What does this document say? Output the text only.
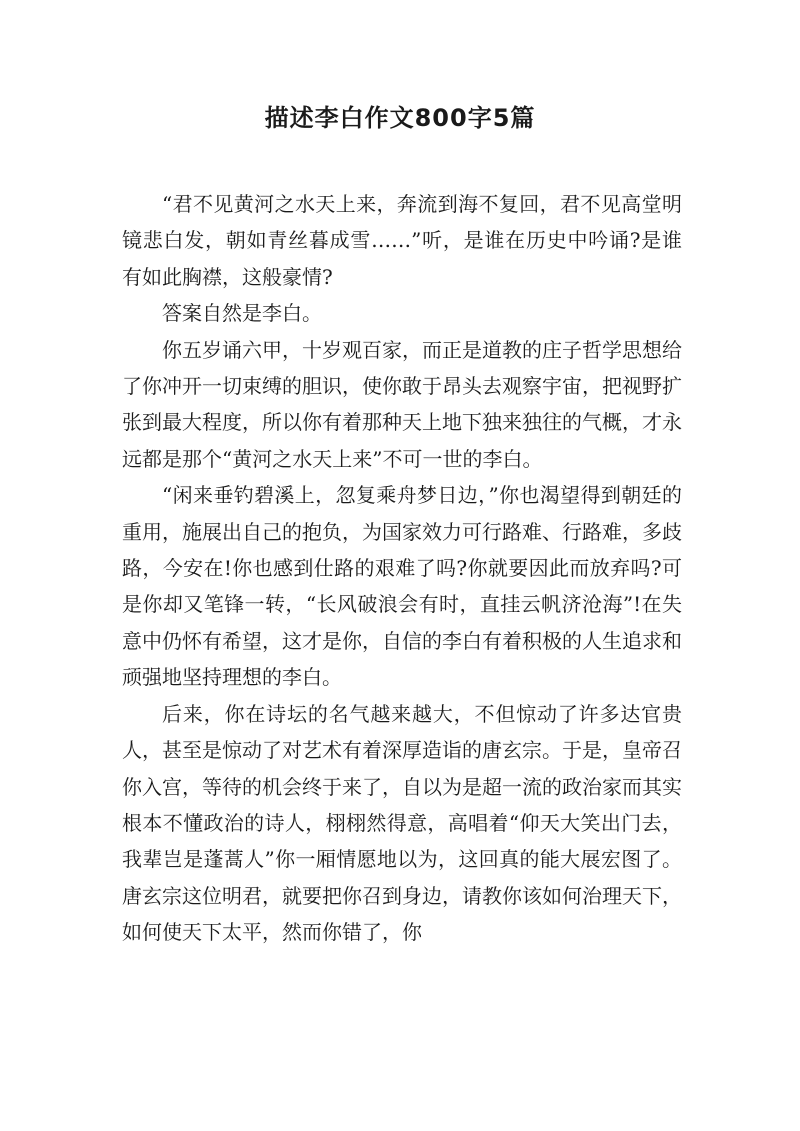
描述李白作文800字5篇

“君不见黄河之水天上来，奔流到海不复回，君不见高堂明镜悲白发，朝如青丝暮成雪……”听，是谁在历史中吟诵?是谁有如此胸襟，这般豪情?

答案自然是李白。

你五岁诵六甲，十岁观百家，而正是道教的庄子哲学思想给了你冲开一切束缚的胆识，使你敢于昂头去观察宇宙，把视野扩张到最大程度，所以你有着那种天上地下独来独往的气概，才永远都是那个“黄河之水天上来”不可一世的李白。

“闲来垂钓碧溪上，忽复乘舟梦日边，”你也渴望得到朝廷的重用，施展出自己的抱负，为国家效力可行路难、行路难，多歧路，今安在!你也感到仕路的艰难了吗?你就要因此而放弃吗?可是你却又笔锋一转，“长风破浪会有时，直挂云帆济沧海”!在失意中仍怀有希望，这才是你，自信的李白有着积极的人生追求和顽强地坚持理想的李白。

后来，你在诗坛的名气越来越大，不但惊动了许多达官贵人，甚至是惊动了对艺术有着深厚造诣的唐玄宗。于是，皇帝召你入宫，等待的机会终于来了，自以为是超一流的政治家而其实根本不懂政治的诗人，栩栩然得意，高唱着“仰天大笑出门去，我辈岂是蓬蒿人”你一厢情愿地以为，这回真的能大展宏图了。唐玄宗这位明君，就要把你召到身边，请教你该如何治理天下，如何使天下太平，然而你错了，你
